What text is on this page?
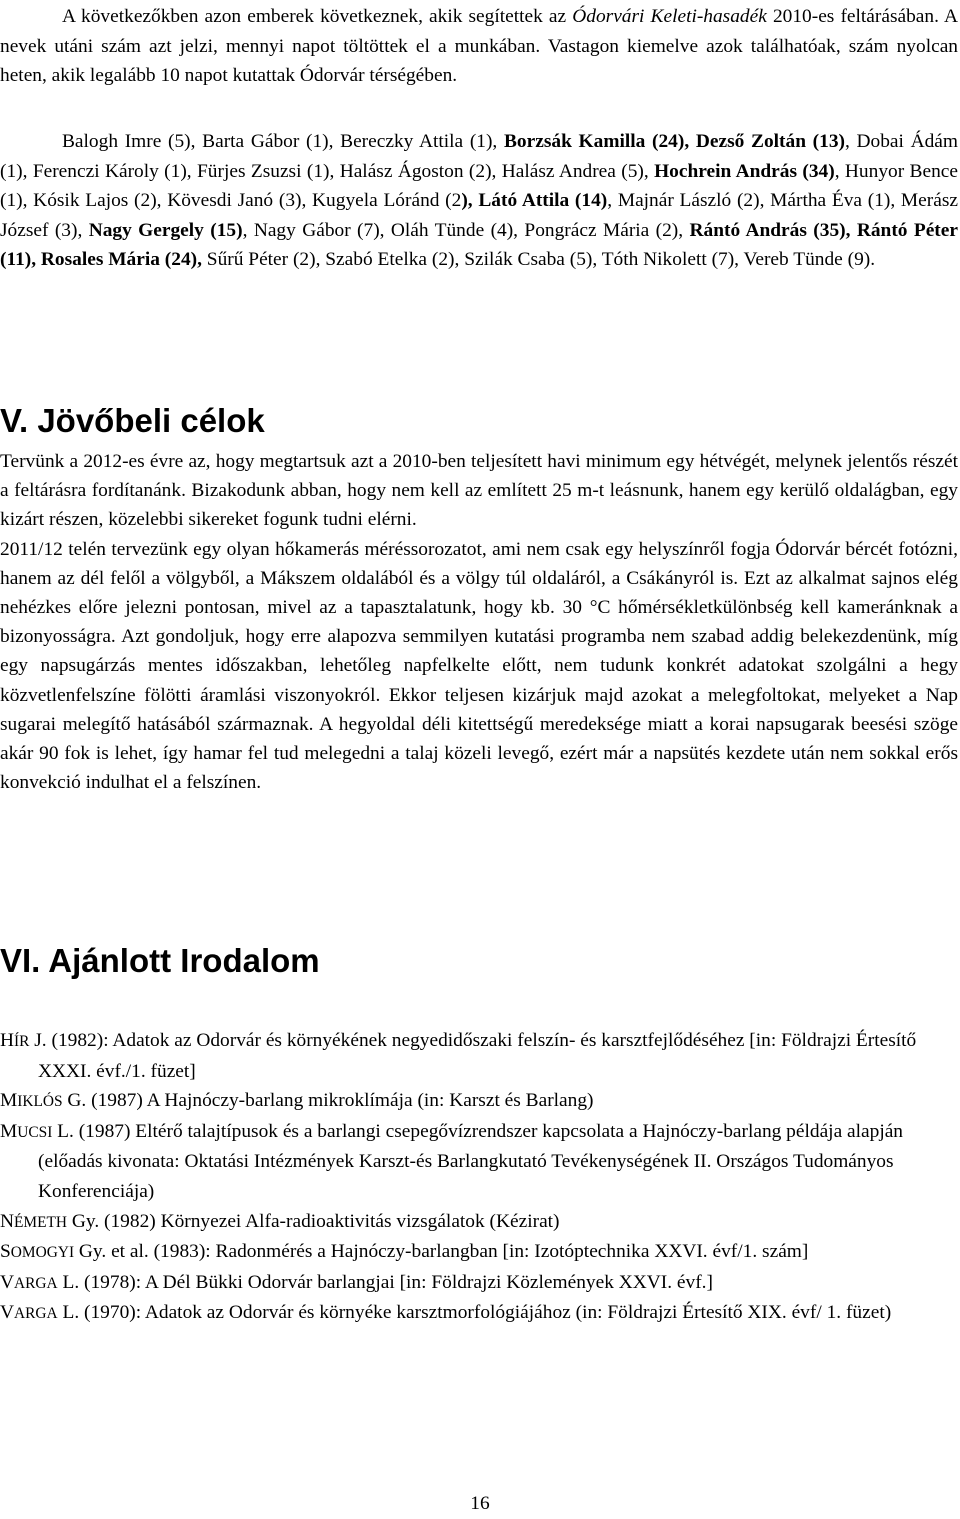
A következőkben azon emberek következnek, akik segítettek az Ódorvári Keleti-hasadék 2010-es feltárásában. A nevek utáni szám azt jelzi, mennyi napot töltöttek el a munkában. Vastagon kiemelve azok találhatóak, szám nyolcan heten, akik legalább 10 napot kutattak Ódorvár térségében.

Balogh Imre (5), Barta Gábor (1), Bereczky Attila (1), Borzsák Kamilla (24), Dezső Zoltán (13), Dobai Ádám (1), Ferenczi Károly (1), Fürjes Zsuzsi (1), Halász Ágoston (2), Halász Andrea (5), Hochrein András (34), Hunyor Bence (1), Kósik Lajos (2), Kövesdi Janó (3), Kugyela Lóránd (2), Látó Attila (14), Majnár László (2), Mártha Éva (1), Merász József (3), Nagy Gergely (15), Nagy Gábor (7), Oláh Tünde (4), Pongrácz Mária (2), Rántó András (35), Rántó Péter (11), Rosales Mária (24), Sűrű Péter (2), Szabó Etelka (2), Szilák Csaba (5), Tóth Nikolett (7), Vereb Tünde (9).

V. Jövőbeli célok

Tervünk a 2012-es évre az, hogy megtartsuk azt a 2010-ben teljesített havi minimum egy hétvégét, melynek jelentős részét a feltárásra fordítanánk. Bizakodunk abban, hogy nem kell az említett 25 m-t leásnunk, hanem egy kerülő oldalágban, egy kizárt részen, közelebbi sikereket fogunk tudni elérni.

2011/12 telén tervezünk egy olyan hőkamerás méréssorozatot, ami nem csak egy helyszínről fogja Ódorvár bércét fotózni, hanem az dél felől a völgyből, a Mákszem oldalából és a völgy túl oldaláról, a Csákányról is. Ezt az alkalmat sajnos elég nehézkes előre jelezni pontosan, mivel az a tapasztalatunk, hogy kb. 30 °C hőmérsékletkülönbség kell kameránknak a bizonyosságra. Azt gondoljuk, hogy erre alapozva semmilyen kutatási programba nem szabad addig belekezdenünk, míg egy napsugárzás mentes időszakban, lehetőleg napfelkelte előtt, nem tudunk konkrét adatokat szolgálni a hegy közvetlenfelszíne fölötti áramlási viszonyokról. Ekkor teljesen kizárjuk majd azokat a melegfoltokat, melyeket a Nap sugarai melegítő hatásából származnak. A hegyoldal déli kitettségű meredeksége miatt a korai napsugarak beesési szöge akár 90 fok is lehet, így hamar fel tud melegedni a talaj közeli levegő, ezért már a napsütés kezdete után nem sokkal erős konvekció indulhat el a felszínen.

VI. Ajánlott Irodalom

HÍR J. (1982): Adatok az Odorvár és környékének negyedidőszaki felszín- és karsztfejlődéséhez [in: Földrajzi Értesítő XXXI. évf./1. füzet]

MIKLÓS G. (1987) A Hajnóczy-barlang mikroklímája (in: Karszt és Barlang)

MUCSI L. (1987) Eltérő talajtípusok és a barlangi csepegővízrendszer kapcsolata a Hajnóczy-barlang példája alapján (előadás kivonata: Oktatási Intézmények Karszt-és Barlangkutató Tevékenységének II. Országos Tudományos Konferenciája)

NÉMETH Gy. (1982) Környezei Alfa-radioaktivitás vizsgálatok (Kézirat)

SOMOGYI Gy. et al. (1983): Radonmérés a Hajnóczy-barlangban [in: Izotóptechnika XXVI. évf/1. szám]

VARGA L. (1978): A Dél Bükki Odorvár barlangjai [in: Földrajzi Közlemények XXVI. évf.]

VARGA L. (1970): Adatok az Odorvár és környéke karsztmorfológiájához (in: Földrajzi Értesítő XIX. évf/ 1. füzet)

16
